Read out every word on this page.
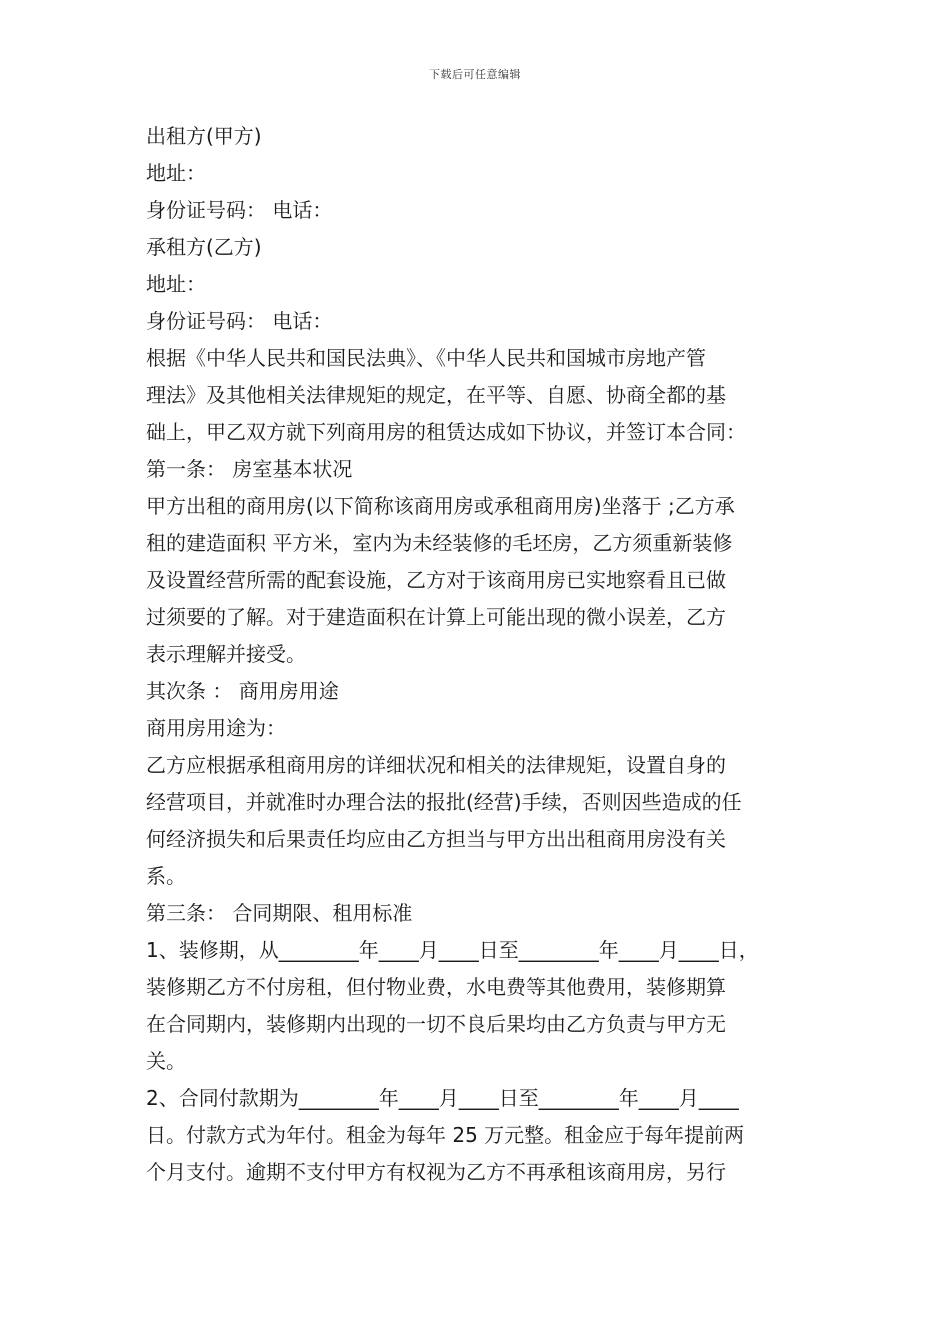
下载后可任意编辑
出租方(甲方)
地址：
身份证号码： 电话：
承租方(乙方)
地址：
身份证号码： 电话：
根据《中华人民共和国民法典》、《中华人民共和国城市房地产管
理法》及其他相关法律规矩的规定，在平等、自愿、协商全都的基
础上，甲乙双方就下列商用房的租赁达成如下协议，并签订本合同：
第一条： 房室基本状况
甲方出租的商用房(以下简称该商用房或承租商用房)坐落于 ;乙方承
租的建造面积 平方米，室内为未经装修的毛坯房，乙方须重新装修
及设置经营所需的配套设施，乙方对于该商用房已实地察看且已做
过须要的了解。对于建造面积在计算上可能出现的微小误差，乙方
表示理解并接受。
其次条 ： 商用房用途
商用房用途为：
乙方应根据承租商用房的详细状况和相关的法律规矩，设置自身的
经营项目，并就准时办理合法的报批(经营)手续，否则因些造成的任
何经济损失和后果责任均应由乙方担当与甲方出出租商用房没有关
系。
第三条： 合同期限、租用标准
1、装修期，从________年____月____日至________年____月____日，
装修期乙方不付房租，但付物业费，水电费等其他费用，装修期算
在合同期内，装修期内出现的一切不良后果均由乙方负责与甲方无
关。
2、合同付款期为________年____月____日至________年____月____
日。付款方式为年付。租金为每年 25 万元整。租金应于每年提前两
个月支付。逾期不支付甲方有权视为乙方不再承租该商用房，另行
